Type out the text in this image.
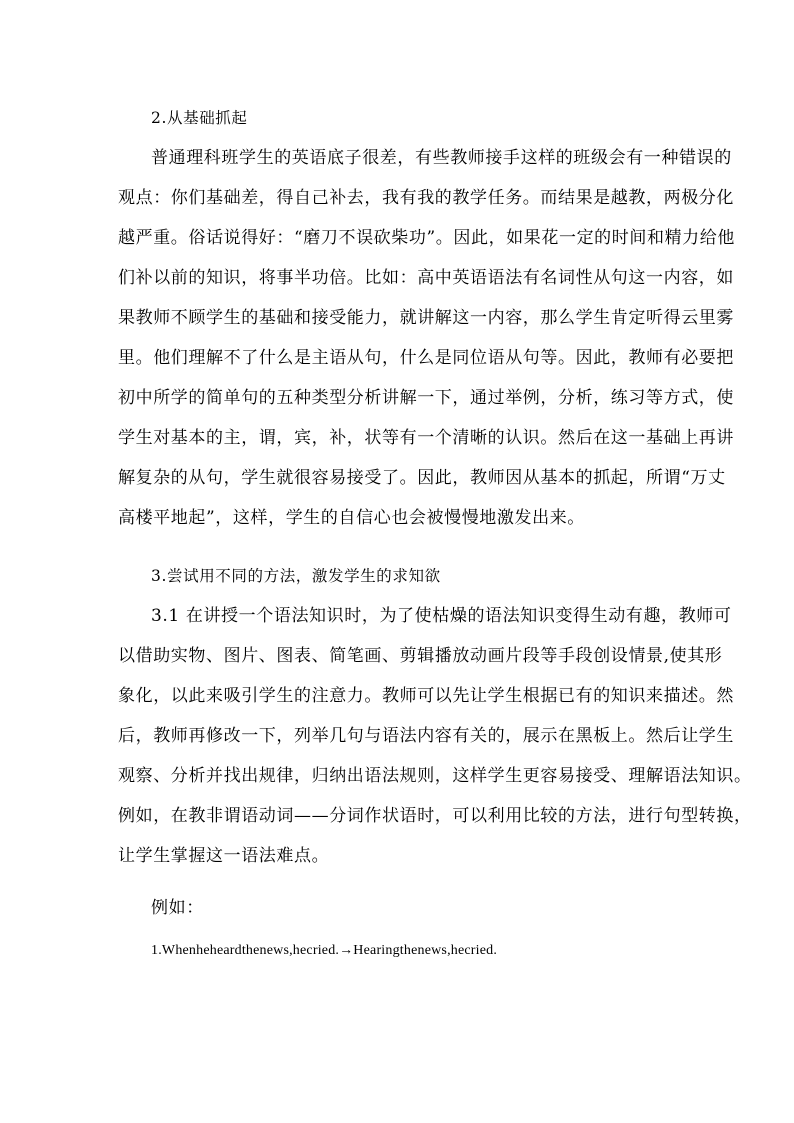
2.从基础抓起
普通理科班学生的英语底子很差，有些教师接手这样的班级会有一种错误的
观点：你们基础差，得自己补去，我有我的教学任务。而结果是越教，两极分化
越严重。俗话说得好：“磨刀不误砍柴功”。因此，如果花一定的时间和精力给他
们补以前的知识，将事半功倍。比如：高中英语语法有名词性从句这一内容，如
果教师不顾学生的基础和接受能力，就讲解这一内容，那么学生肯定听得云里雾
里。他们理解不了什么是主语从句，什么是同位语从句等。因此，教师有必要把
初中所学的简单句的五种类型分析讲解一下，通过举例，分析，练习等方式，使
学生对基本的主，谓，宾，补，状等有一个清晰的认识。然后在这一基础上再讲
解复杂的从句，学生就很容易接受了。因此，教师因从基本的抓起，所谓“万丈
高楼平地起”，这样，学生的自信心也会被慢慢地激发出来。
3.尝试用不同的方法，激发学生的求知欲
3.1 在讲授一个语法知识时，为了使枯燥的语法知识变得生动有趣，教师可
以借助实物、图片、图表、简笔画、剪辑播放动画片段等手段创设情景,使其形
象化，以此来吸引学生的注意力。教师可以先让学生根据已有的知识来描述。然
后，教师再修改一下，列举几句与语法内容有关的，展示在黑板上。然后让学生
观察、分析并找出规律，归纳出语法规则，这样学生更容易接受、理解语法知识。
例如，在教非谓语动词——分词作状语时，可以利用比较的方法，进行句型转换，
让学生掌握这一语法难点。
例如：
1.Whenheheardthenews,hecried.→Hearingthenews,hecried.
